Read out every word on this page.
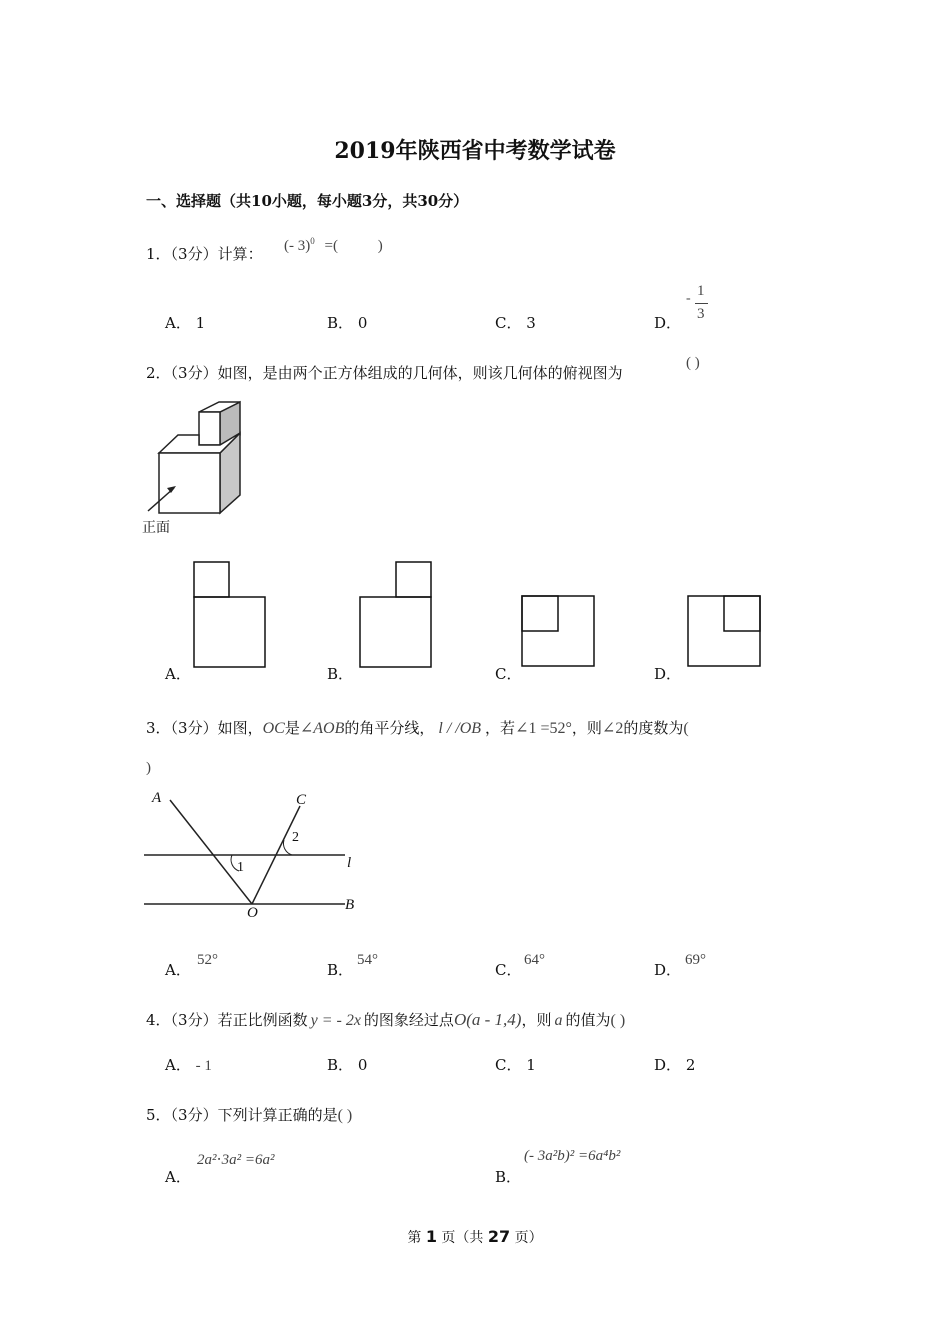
2019年陕西省中考数学试卷
一、选择题（共10小题，每小题3分，共30分）
1．（3分）计算： (- 3)$^0$ =(	)
A． 1	B． 0	C． 3	D．
- 1
3
2．（3分）如图，是由两个正方体组成的几何体，则该几何体的俯视图为
( )
正面
A．	B．	C．	D．
3．（3分）如图，OC是∠AOB的角平分线， l / /OB ，若∠1 =52°，则∠2的度数为(
)
A	C
2
1	l
O	B
A．
52°
B．
54°
C．
64°
D．
69°
4．（3分）若正比例函数 y = - 2x 的图象经过点O(a - 1,4)，则 a 的值为( )
A． - 1	B． 0	C． 1	D． 2
5．（3分）下列计算正确的是( )
A．
2a²⋅3a² =6a²
B．
(- 3a²b)² =6a⁴b²
第 1 页（共 27 页）
